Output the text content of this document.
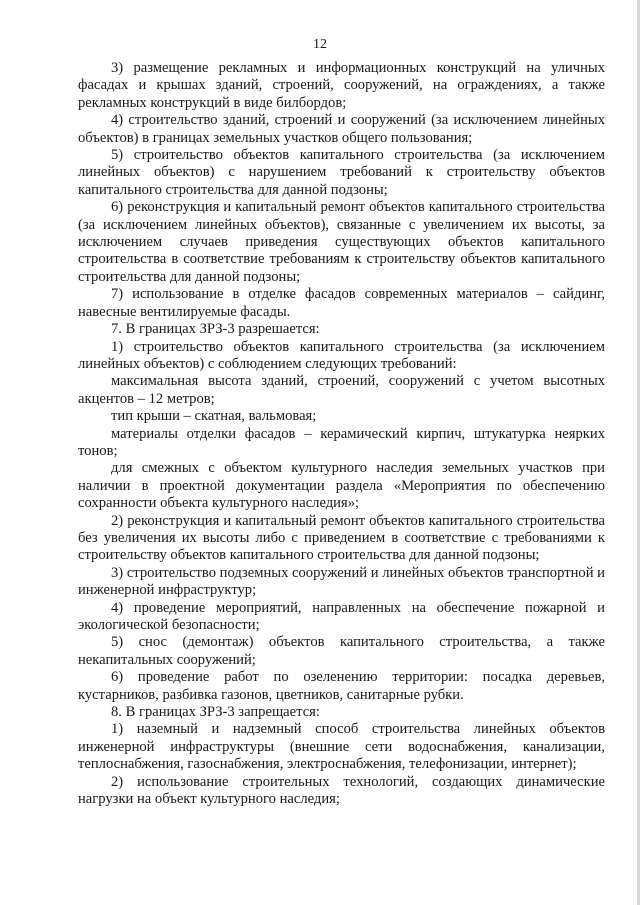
12

3) размещение рекламных и информационных конструкций на уличных фасадах и крышах зданий, строений, сооружений, на ограждениях, а также рекламных конструкций в виде билбордов;

4) строительство зданий, строений и сооружений (за исключением линейных объектов) в границах земельных участков общего пользования;

5) строительство объектов капитального строительства (за исключением линейных объектов) с нарушением требований к строительству объектов капитального строительства для данной подзоны;

6) реконструкция и капитальный ремонт объектов капитального строительства (за исключением линейных объектов), связанные с увеличением их высоты, за исключением случаев приведения существующих объектов капитального строительства в соответствие требованиям к строительству объектов капитального строительства для данной подзоны;

7) использование в отделке фасадов современных материалов – сайдинг, навесные вентилируемые фасады.

7. В границах ЗРЗ-3 разрешается:

1) строительство объектов капитального строительства (за исключением линейных объектов) с соблюдением следующих требований:

максимальная высота зданий, строений, сооружений с учетом высотных акцентов – 12 метров;

тип крыши – скатная, вальмовая;

материалы отделки фасадов – керамический кирпич, штукатурка неярких тонов;

для смежных с объектом культурного наследия земельных участков при наличии в проектной документации раздела «Мероприятия по обеспечению сохранности объекта культурного наследия»;

2) реконструкция и капитальный ремонт объектов капитального строительства без увеличения их высоты либо с приведением в соответствие с требованиями к строительству объектов капитального строительства для данной подзоны;

3) строительство подземных сооружений и линейных объектов транспортной и инженерной инфраструктур;

4) проведение мероприятий, направленных на обеспечение пожарной и экологической безопасности;

5) снос (демонтаж) объектов капитального строительства, а также некапитальных сооружений;

6) проведение работ по озеленению территории: посадка деревьев, кустарников, разбивка газонов, цветников, санитарные рубки.

8. В границах ЗРЗ-3 запрещается:

1) наземный и надземный способ строительства линейных объектов инженерной инфраструктуры (внешние сети водоснабжения, канализации, теплоснабжения, газоснабжения, электроснабжения, телефонизации, интернет);

2) использование строительных технологий, создающих динамические нагрузки на объект культурного наследия;
